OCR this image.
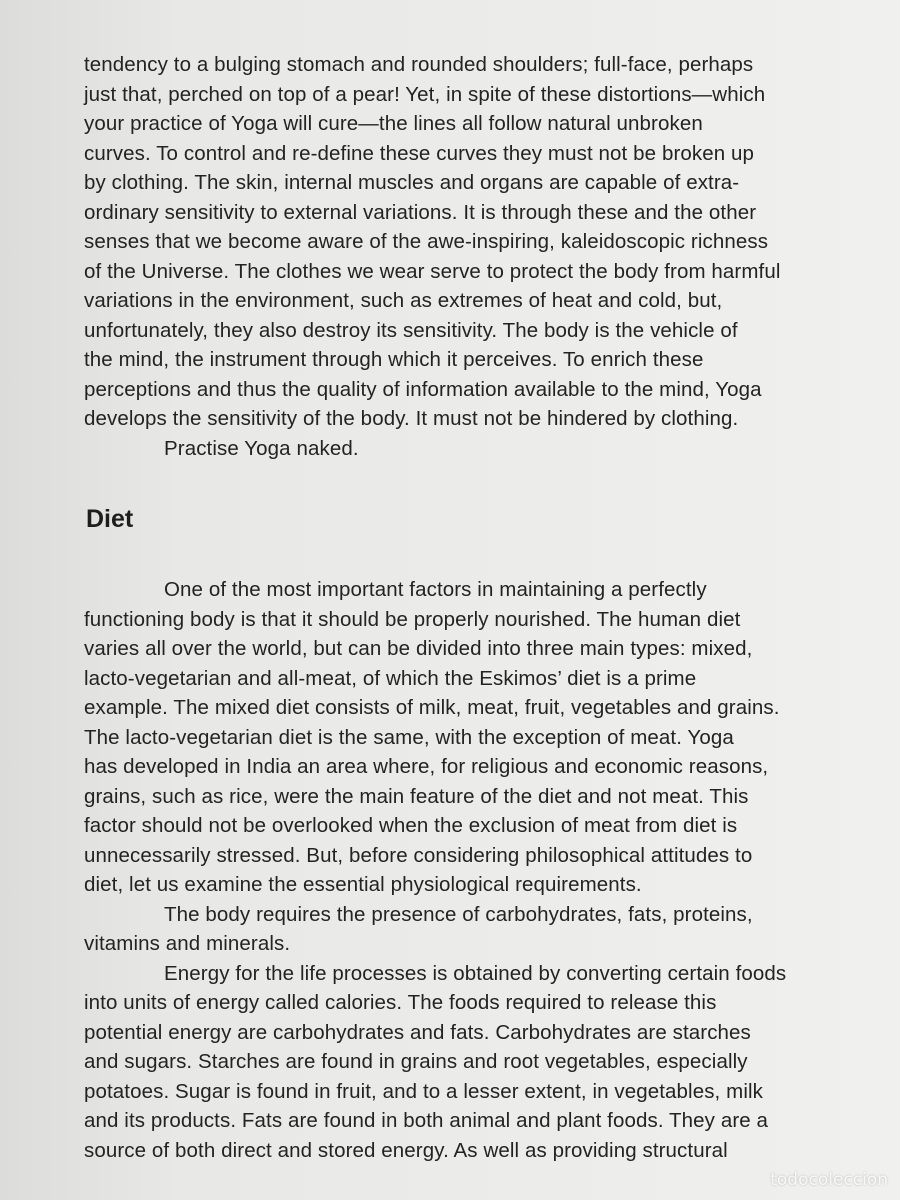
tendency to a bulging stomach and rounded shoulders; full-face, perhaps
just that, perched on top of a pear! Yet, in spite of these distortions—which
your practice of Yoga will cure—the lines all follow natural unbroken
curves. To control and re-define these curves they must not be broken up
by clothing. The skin, internal muscles and organs are capable of extra-
ordinary sensitivity to external variations. It is through these and the other
senses that we become aware of the awe-inspiring, kaleidoscopic richness
of the Universe. The clothes we wear serve to protect the body from harmful
variations in the environment, such as extremes of heat and cold, but,
unfortunately, they also destroy its sensitivity. The body is the vehicle of
the mind, the instrument through which it perceives. To enrich these
perceptions and thus the quality of information available to the mind, Yoga
develops the sensitivity of the body. It must not be hindered by clothing.
Practise Yoga naked.
Diet
One of the most important factors in maintaining a perfectly
functioning body is that it should be properly nourished. The human diet
varies all over the world, but can be divided into three main types: mixed,
lacto-vegetarian and all-meat, of which the Eskimos’ diet is a prime
example. The mixed diet consists of milk, meat, fruit, vegetables and grains.
The lacto-vegetarian diet is the same, with the exception of meat. Yoga
has developed in India an area where, for religious and economic reasons,
grains, such as rice, were the main feature of the diet and not meat. This
factor should not be overlooked when the exclusion of meat from diet is
unnecessarily stressed. But, before considering philosophical attitudes to
diet, let us examine the essential physiological requirements.
The body requires the presence of carbohydrates, fats, proteins,
vitamins and minerals.
Energy for the life processes is obtained by converting certain foods
into units of energy called calories. The foods required to release this
potential energy are carbohydrates and fats. Carbohydrates are starches
and sugars. Starches are found in grains and root vegetables, especially
potatoes. Sugar is found in fruit, and to a lesser extent, in vegetables, milk
and its products. Fats are found in both animal and plant foods. They are a
source of both direct and stored energy. As well as providing structural
todocoleccion
